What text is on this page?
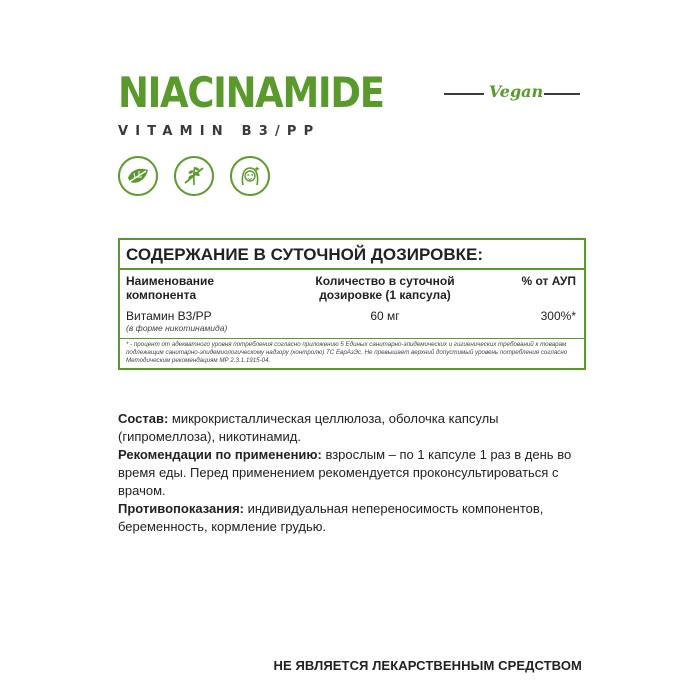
NIACINAMIDE	Vegan
VITAMIN B3/PP
СОДЕРЖАНИЕ В СУТОЧНОЙ ДОЗИРОВКЕ:
Наименование компонента
Количество в суточной дозировке (1 капсула)
% от АУП
Витамин В3/РР
(в форме никотинамида)
60 мг	300%*
* - процент от адекватного уровня потребления согласно приложению 5 Единых санитарно-эпидемических и гигиенических требований к товарам подлежащим санитарно-эпидемиологическому надзору (контролю) ТС ЕврАзЭс. Не превышает верхний допустимый уровень потребления согласно Методическим рекомендациям МР 2.3.1.1915-04.

Состав: микрокристаллическая целлюлоза, оболочка капсулы (гипромеллоза), никотинамид.

Рекомендации по применению: взрослым – по 1 капсуле 1 раз в день во время еды. Перед применением рекомендуется проконсультироваться с врачом.

Противопоказания: индивидуальная непереносимость компонентов, беременность, кормление грудью.

НЕ ЯВЛЯЕТСЯ ЛЕКАРСТВЕННЫМ СРЕДСТВОМ
